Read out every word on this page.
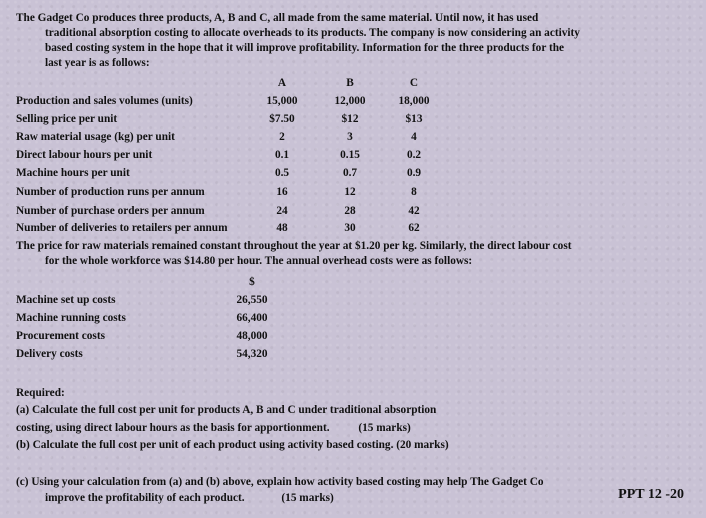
The Gadget Co produces three products, A, B and C, all made from the same material. Until now, it has used
traditional absorption costing to allocate overheads to its products. The company is now considering an activity
based costing system in the hope that it will improve profitability. Information for the three products for the
last year is as follows:
A	B	C
Production and sales volumes (units)	15,000	12,000	18,000
Selling price per unit	$7.50	$12	$13
Raw material usage (kg) per unit	2	3	4
Direct labour hours per unit	0.1	0.15	0.2
Machine hours per unit	0.5	0.7	0.9
Number of production runs per annum	16	12	8
Number of purchase orders per annum	24	28	42
Number of deliveries to retailers per annum	48	30	62
The price for raw materials remained constant throughout the year at $1.20 per kg. Similarly, the direct labour cost
for the whole workforce was $14.80 per hour. The annual overhead costs were as follows:
$
Machine set up costs	26,550
Machine running costs	66,400
Procurement costs	48,000
Delivery costs	54,320
Required:
(a) Calculate the full cost per unit for products A, B and C under traditional absorption
costing, using direct labour hours as the basis for apportionment.	(15 marks)
(b) Calculate the full cost per unit of each product using activity based costing. (20 marks)
(c) Using your calculation from (a) and (b) above, explain how activity based costing may help The Gadget Co
improve the profitability of each product.	(15 marks)	PPT 12 -20
